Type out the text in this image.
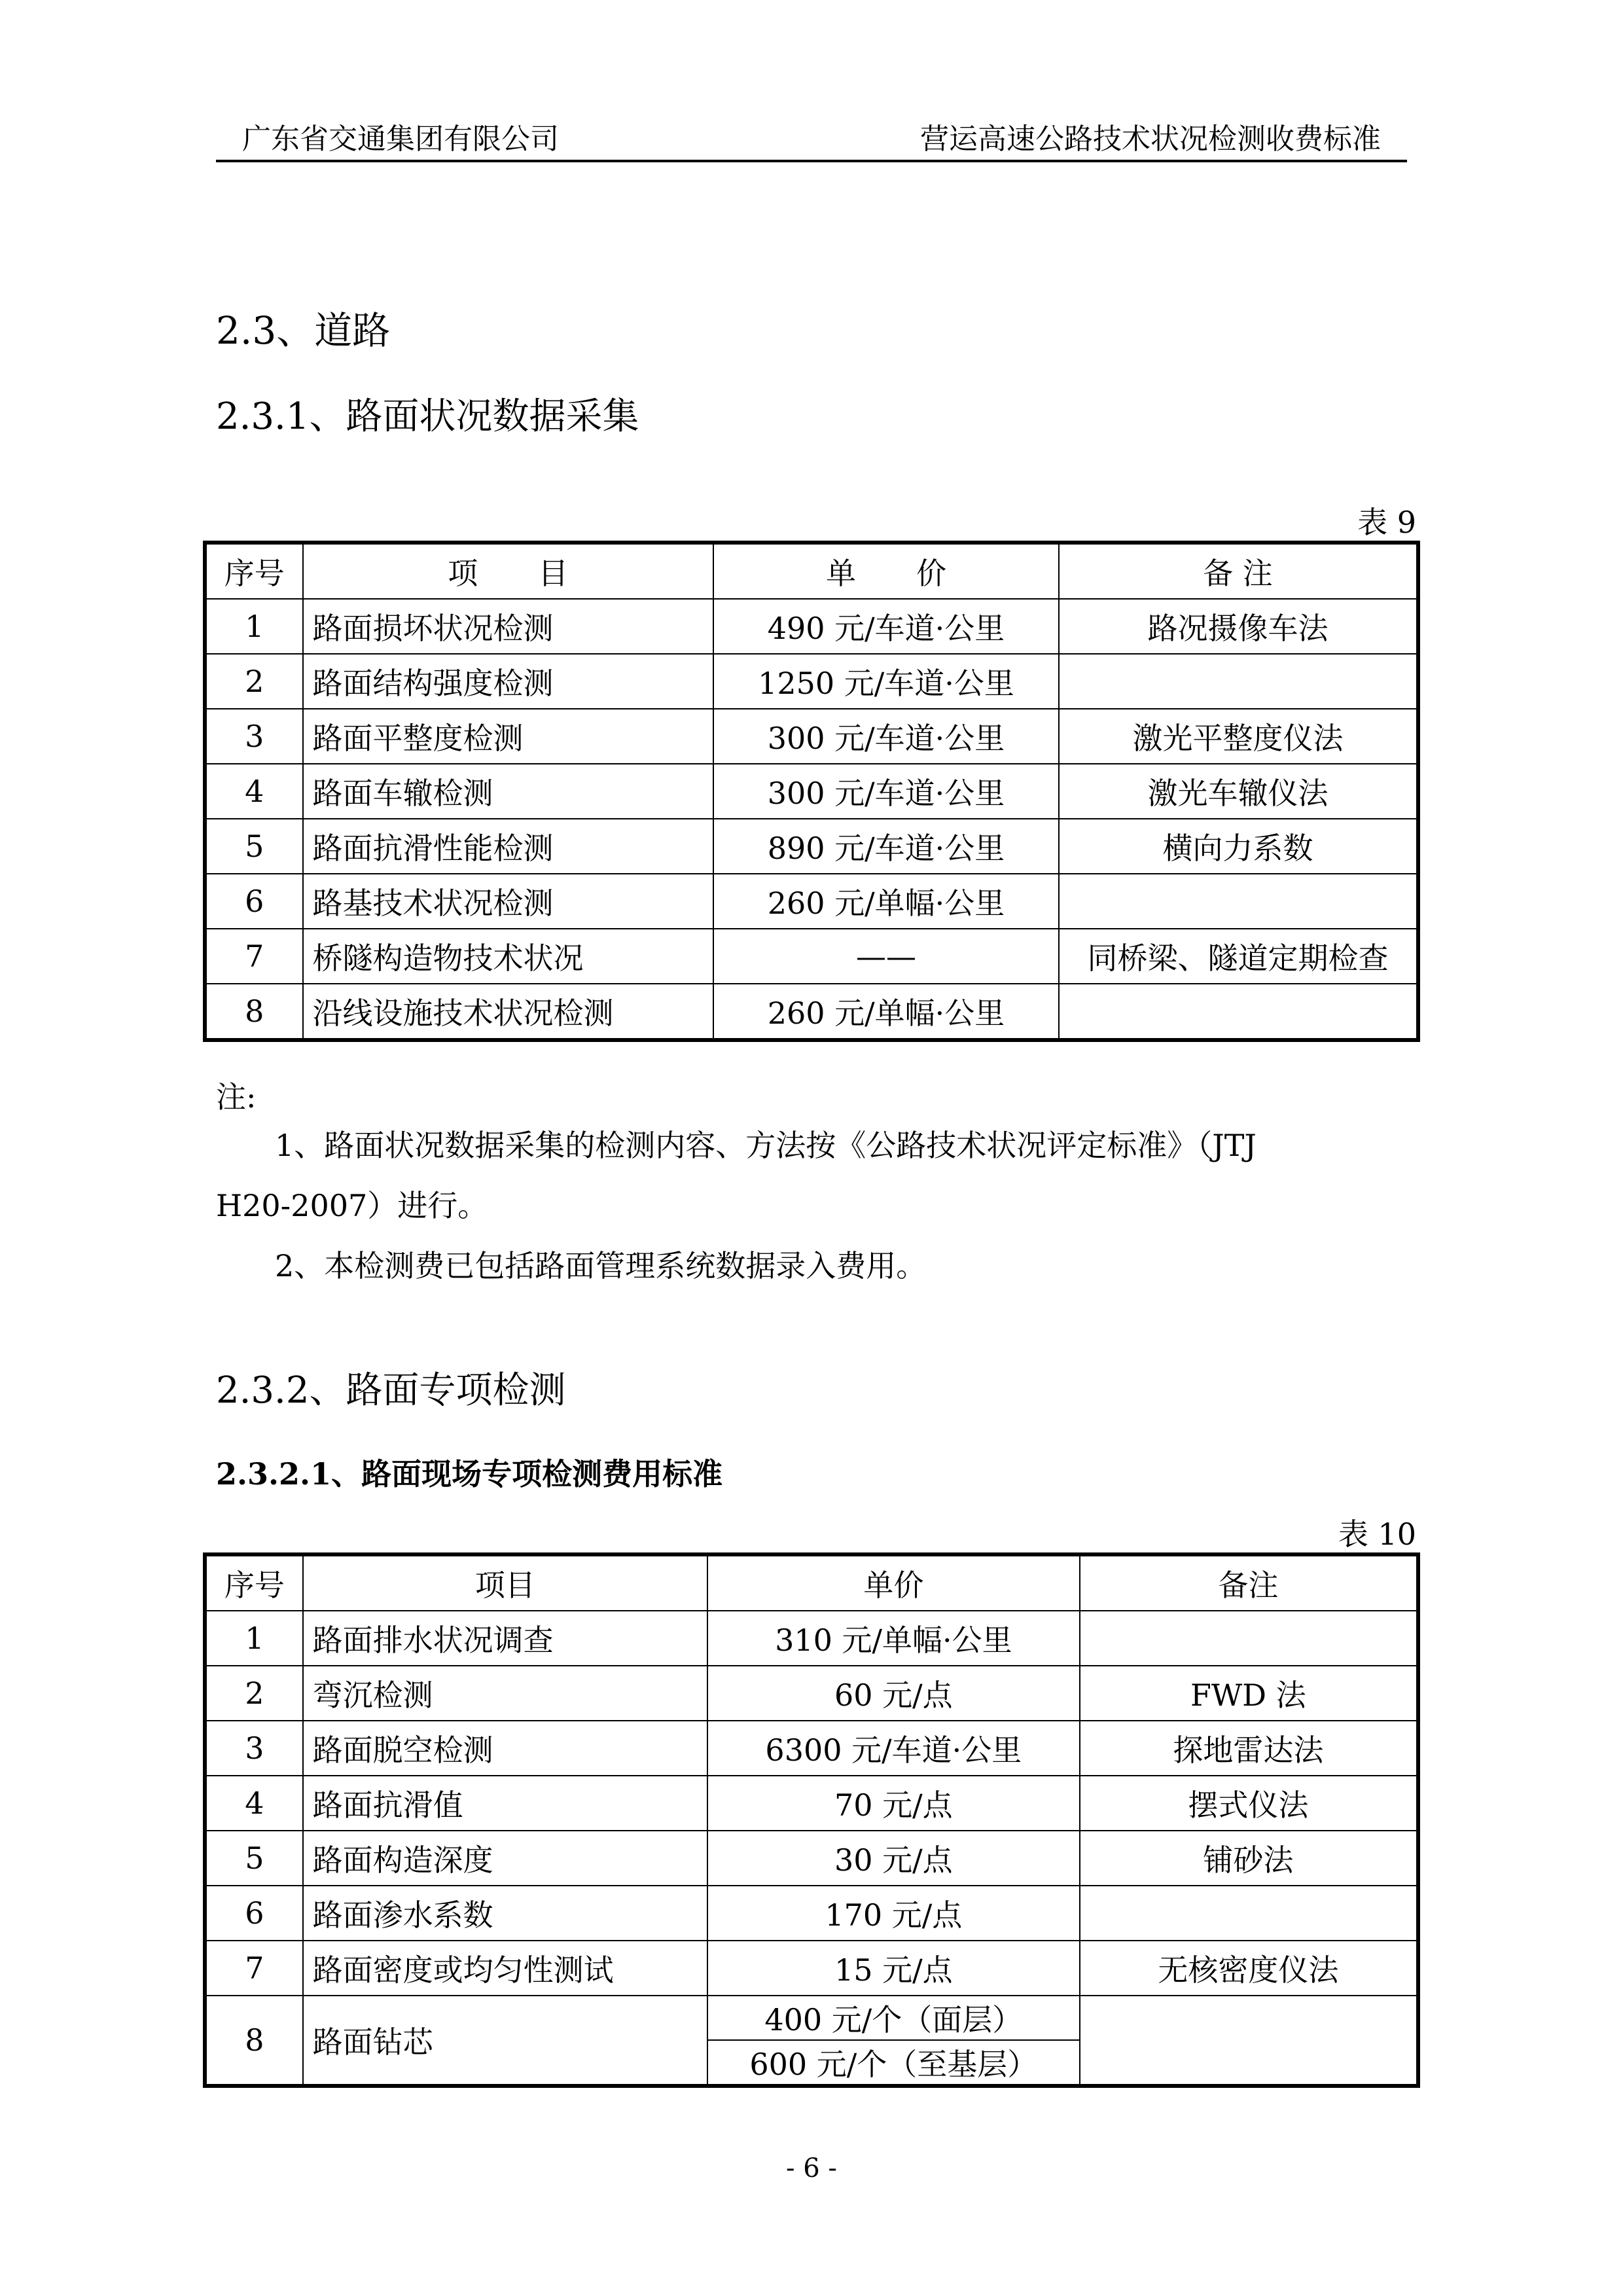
广东省交通集团有限公司	营运高速公路技术状况检测收费标准
2.3、道路
2.3.1、路面状况数据采集
表 9
序号	项　　目	单　　价	备 注
1	路面损坏状况检测	490 元/车道·公里	路况摄像车法
2	路面结构强度检测	1250 元/车道·公里	
3	路面平整度检测	300 元/车道·公里	激光平整度仪法
4	路面车辙检测	300 元/车道·公里	激光车辙仪法
5	路面抗滑性能检测	890 元/车道·公里	横向力系数
6	路基技术状况检测	260 元/单幅·公里	
7	桥隧构造物技术状况	——	同桥梁、隧道定期检查
8	沿线设施技术状况检测	260 元/单幅·公里	
注:
1、路面状况数据采集的检测内容、方法按《公路技术状况评定标准》（JTJ
H20-2007）进行。
2、本检测费已包括路面管理系统数据录入费用。
2.3.2、路面专项检测
2.3.2.1、路面现场专项检测费用标准
表 10
序号	项目	单价	备注
1	路面排水状况调查	310 元/单幅·公里	
2	弯沉检测	60 元/点	FWD 法
3	路面脱空检测	6300 元/车道·公里	探地雷达法
4	路面抗滑值	70 元/点	摆式仪法
5	路面构造深度	30 元/点	铺砂法
6	路面渗水系数	170 元/点	
7	路面密度或均匀性测试	15 元/点	无核密度仪法
8	路面钻芯	400 元/个（面层）	
		600 元/个（至基层）	
- 6 -
